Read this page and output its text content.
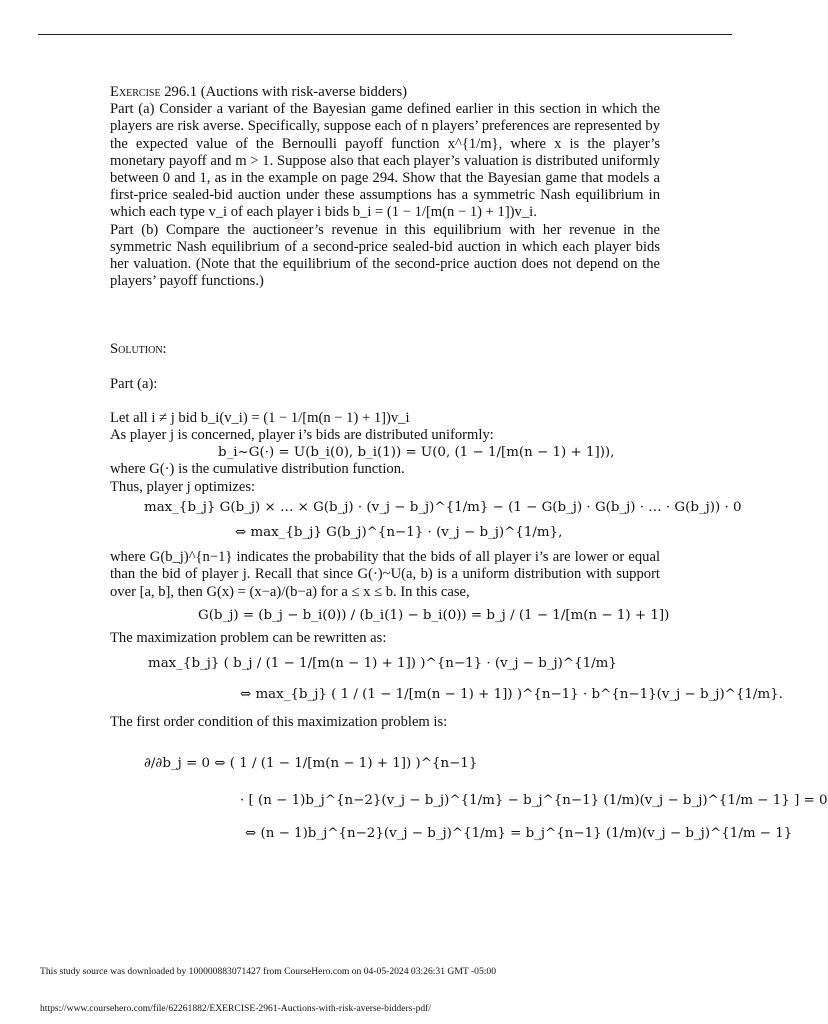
Exercise 296.1 (Auctions with risk-averse bidders)

Part (a) Consider a variant of the Bayesian game defined earlier in this section in which the players are risk averse. Specifically, suppose each of n players’ preferences are represented by the expected value of the Bernoulli payoff function x^{1/m}, where x is the player’s monetary payoff and m > 1. Suppose also that each player’s valuation is distributed uniformly between 0 and 1, as in the example on page 294. Show that the Bayesian game that models a first-price sealed-bid auction under these assumptions has a symmetric Nash equilibrium in which each type v_i of each player i bids b_i = (1 − 1/[m(n − 1) + 1])v_i.

Part (b) Compare the auctioneer’s revenue in this equilibrium with her revenue in the symmetric Nash equilibrium of a second-price sealed-bid auction in which each player bids her valuation. (Note that the equilibrium of the second-price auction does not depend on the players’ payoff functions.)

Solution:
Part (a):

Let all i ≠ j bid b_i(v_i) = (1 − 1/[m(n − 1) + 1])v_i

As player j is concerned, player i’s bids are distributed uniformly:

b_i~G(·) = U(b_i(0), b_i(1)) = U(0, (1 − 1/[m(n − 1) + 1])),

where G(·) is the cumulative distribution function.

Thus, player j optimizes:

max_{b_j} G(b_j) × … × G(b_j) · (v_j − b_j)^{1/m} − (1 − G(b_j) · G(b_j) · … · G(b_j)) · 0
⇔ max_{b_j} G(b_j)^{n−1} · (v_j − b_j)^{1/m},

where G(b_j)^{n−1} indicates the probability that the bids of all player i’s are lower or equal than the bid of player j. Recall that since G(·)~U(a, b) is a uniform distribution with support over [a, b], then G(x) = (x−a)/(b−a) for a ≤ x ≤ b. In this case,

G(b_j) = (b_j − b_i(0)) / (b_i(1) − b_i(0)) = b_j / (1 − 1/[m(n − 1) + 1])

The maximization problem can be rewritten as:

max_{b_j} ( b_j / (1 − 1/[m(n − 1) + 1]) )^{n−1} · (v_j − b_j)^{1/m}
⇔ max_{b_j} ( 1 / (1 − 1/[m(n − 1) + 1]) )^{n−1} · b^{n−1}(v_j − b_j)^{1/m}.

The first order condition of this maximization problem is:

∂/∂b_j = 0 ⇔ ( 1 / (1 − 1/[m(n − 1) + 1]) )^{n−1}
· [ (n − 1)b_j^{n−2}(v_j − b_j)^{1/m} − b_j^{n−1} (1/m)(v_j − b_j)^{1/m − 1} ] = 0
⇔ (n − 1)b_j^{n−2}(v_j − b_j)^{1/m} = b_j^{n−1} (1/m)(v_j − b_j)^{1/m − 1}
This study source was downloaded by 100000883071427 from CourseHero.com on 04-05-2024 03:26:31 GMT -05:00
https://www.coursehero.com/file/62261882/EXERCISE-2961-Auctions-with-risk-averse-bidders-pdf/
